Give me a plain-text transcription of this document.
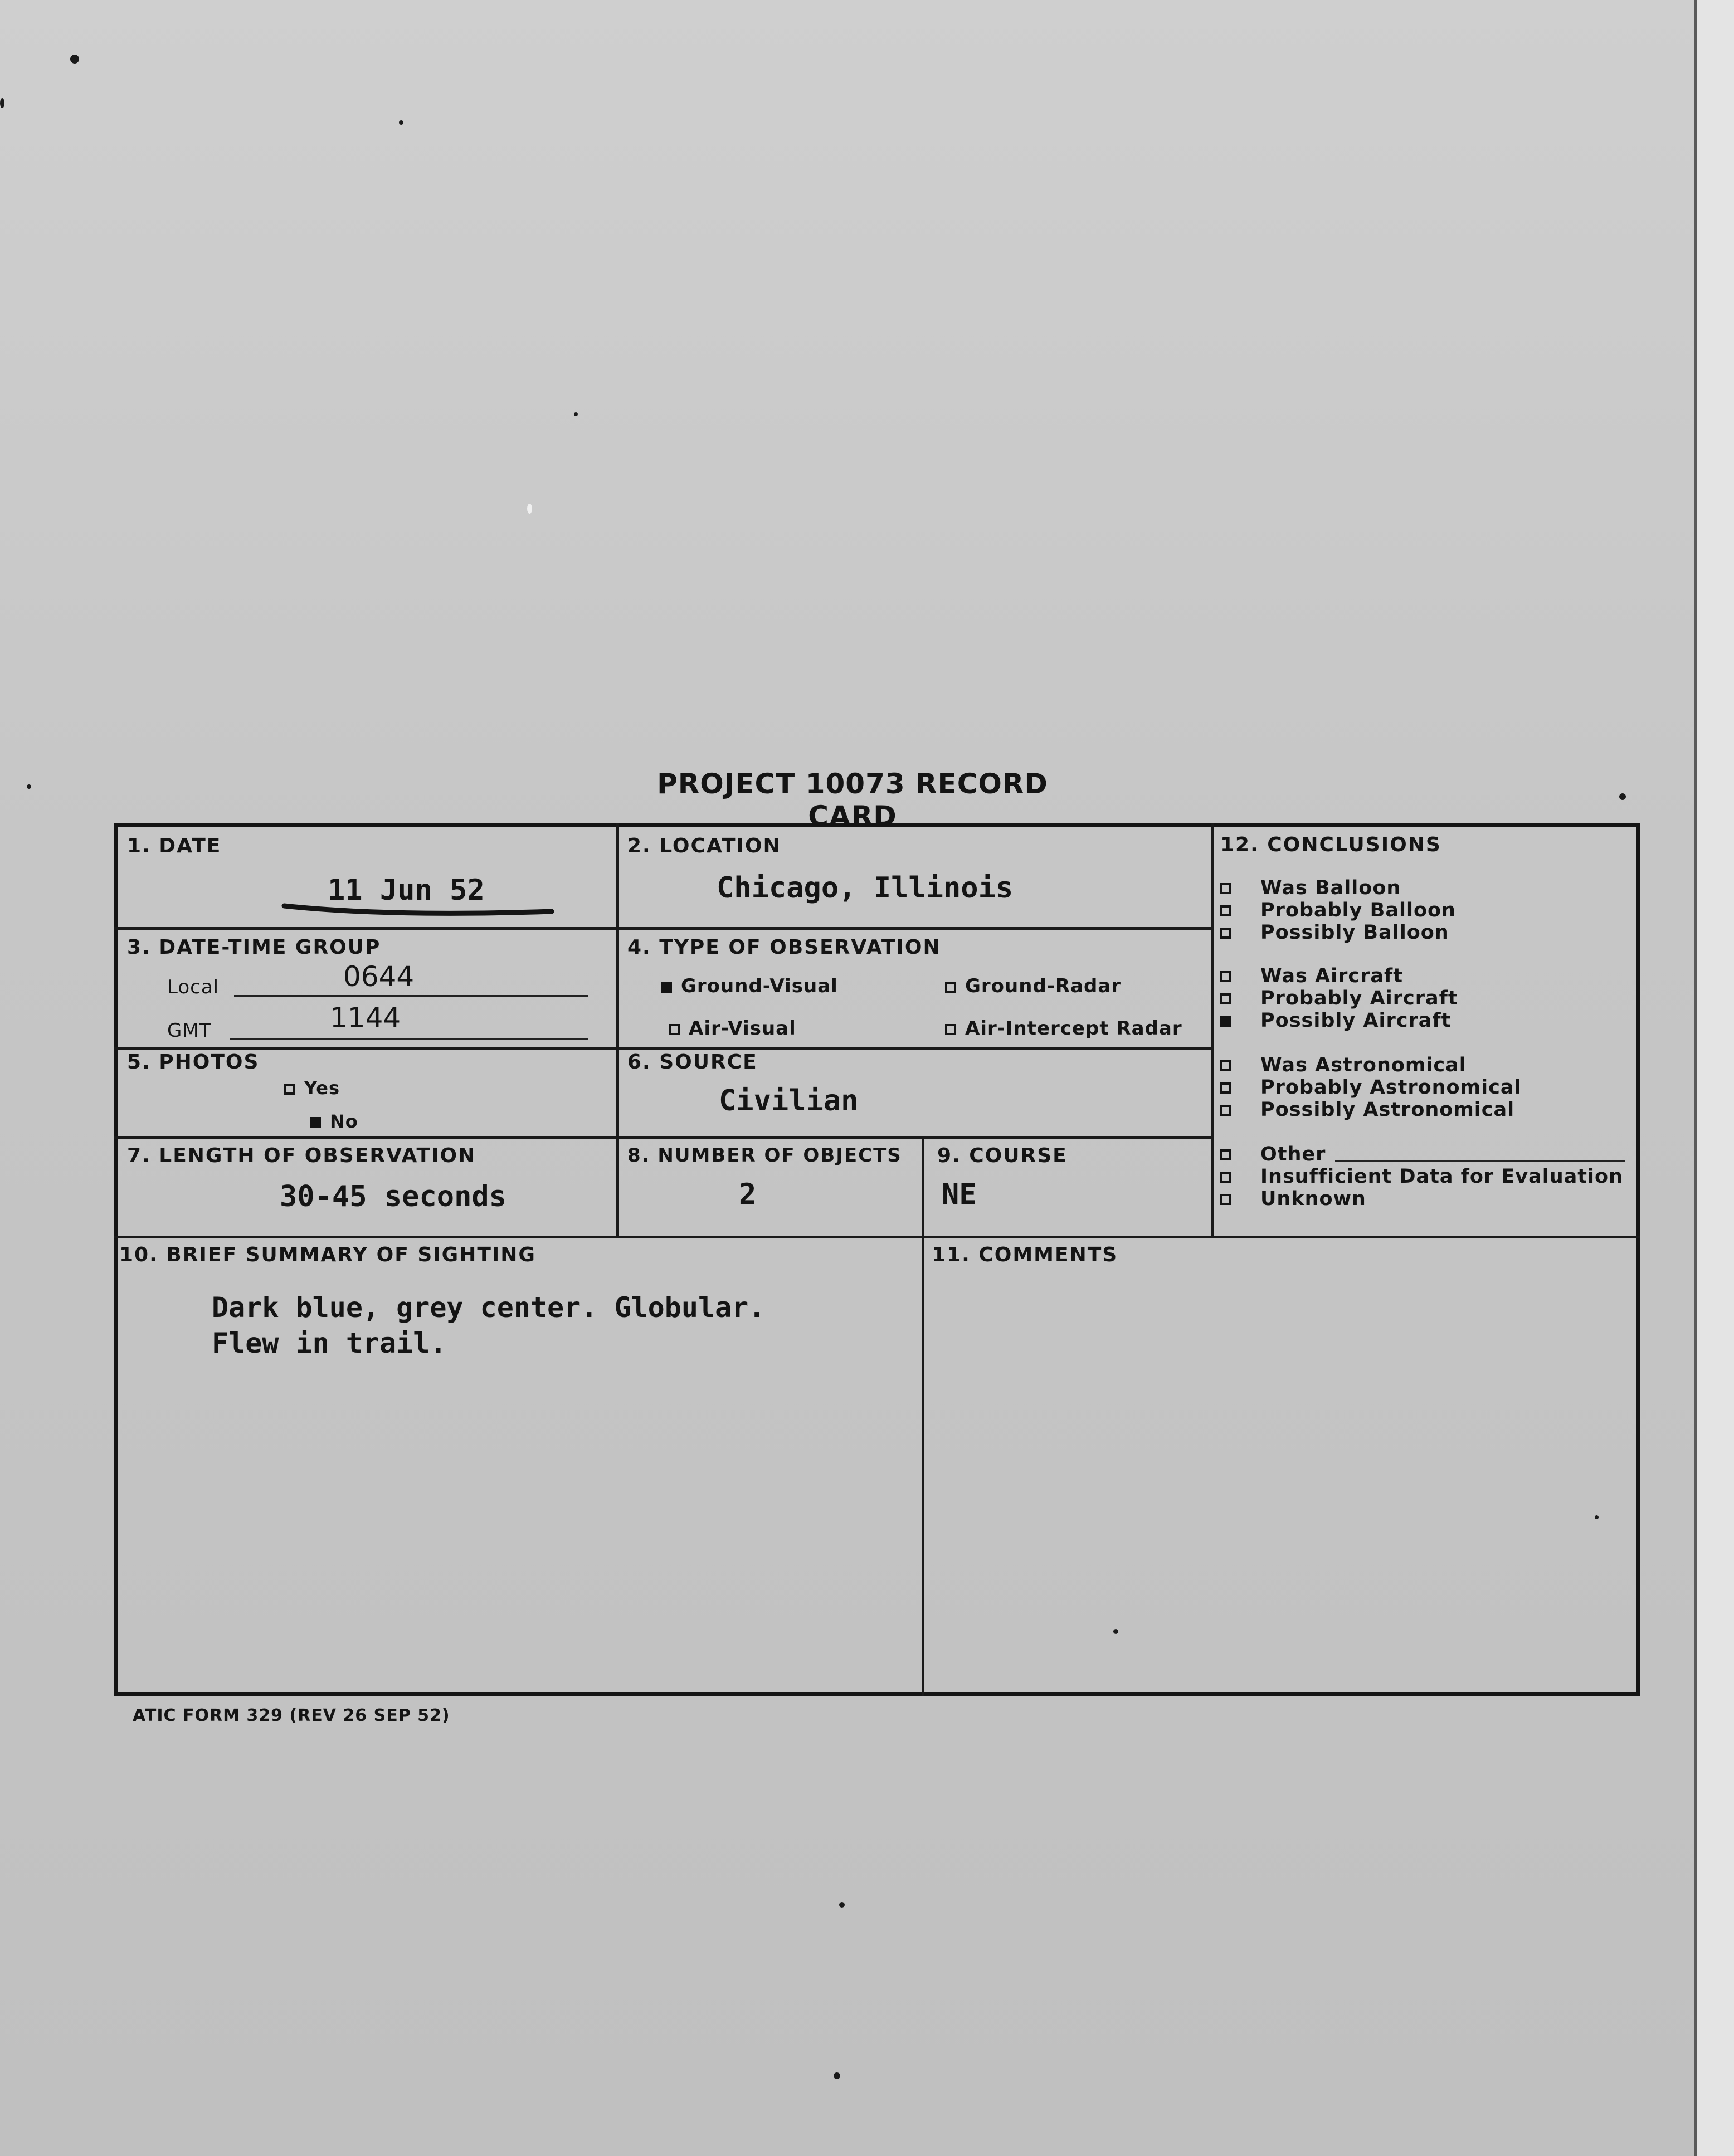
PROJECT 10073 RECORD CARD
1. DATE
11 Jun 52
2. LOCATION
Chicago, Illinois
3. DATE-TIME GROUP
Local	0644
GMT	1144
4. TYPE OF OBSERVATION
Ground-Visual	Ground-Radar
Air-Visual	Air-Intercept Radar
5. PHOTOS
Yes
No
6. SOURCE
Civilian
7. LENGTH OF OBSERVATION
30-45 seconds
8. NUMBER OF OBJECTS
2
9. COURSE
NE
12. CONCLUSIONS
Was Balloon
Probably Balloon
Possibly Balloon
Was Aircraft
Probably Aircraft
Possibly Aircraft
Was Astronomical
Probably Astronomical
Possibly Astronomical
Other
Insufficient Data for Evaluation
Unknown
10. BRIEF SUMMARY OF SIGHTING
Dark blue, grey center. Globular.
Flew in trail.
11. COMMENTS
ATIC FORM 329 (REV 26 SEP 52)
